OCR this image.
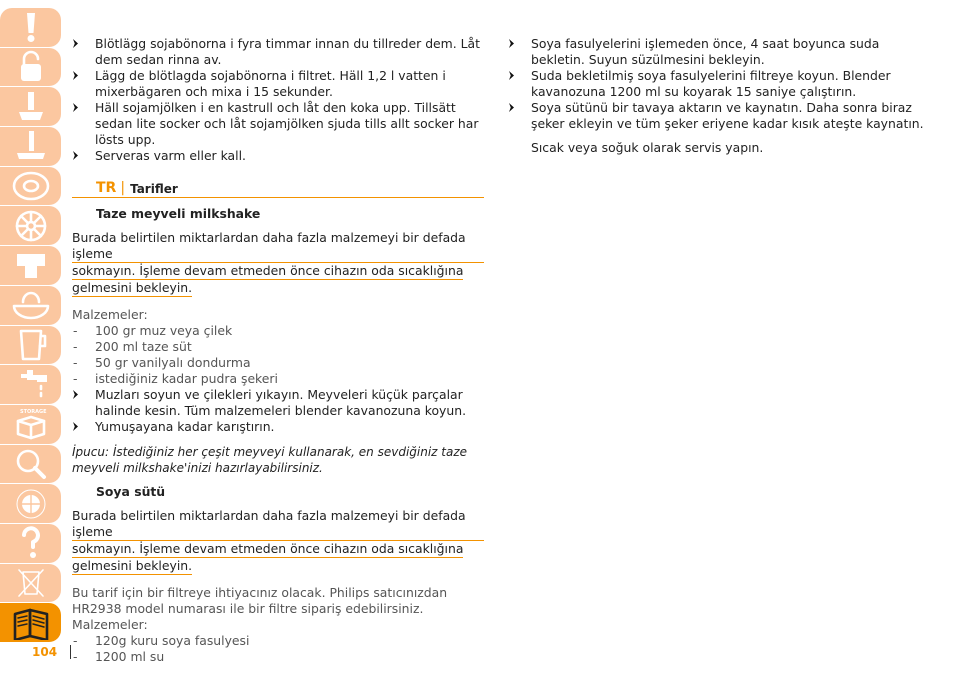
STORAGE
104
Blötlägg sojabönorna i fyra timmar innan du tillreder dem. Låt dem sedan rinna av.
Lägg de blötlagda sojabönorna i filtret. Häll 1,2 l vatten i mixerbägaren och mixa i 15 sekunder.
Häll sojamjölken i en kastrull och låt den koka upp. Tillsätt sedan lite socker och låt sojamjölken sjuda tills allt socker har lösts upp.
Serveras varm eller kall.
TR | Tarifler
Taze meyveli milkshake
Burada belirtilen miktarlardan daha fazla malzemeyi bir defada işleme
sokmayın. İşleme devam etmeden önce cihazın oda sıcaklığına
gelmesini bekleyin.
Malzemeler:
- 100 gr muz veya çilek
- 200 ml taze süt
- 50 gr vanilyalı dondurma
- istediğiniz kadar pudra şekeri
Muzları soyun ve çilekleri yıkayın. Meyveleri küçük parçalar halinde kesin. Tüm malzemeleri blender kavanozuna koyun.
Yumuşayana kadar karıştırın.
İpucu: İstediğiniz her çeşit meyveyi kullanarak, en sevdiğiniz taze meyveli milkshake'inizi hazırlayabilirsiniz.
Soya sütü
Burada belirtilen miktarlardan daha fazla malzemeyi bir defada işleme
sokmayın. İşleme devam etmeden önce cihazın oda sıcaklığına
gelmesini bekleyin.
Bu tarif için bir filtreye ihtiyacınız olacak. Philips satıcınızdan HR2938 model numarası ile bir filtre sipariş edebilirsiniz.
Malzemeler:
- 120g kuru soya fasulyesi
- 1200 ml su
Soya fasulyelerini işlemeden önce, 4 saat boyunca suda bekletin. Suyun süzülmesini bekleyin.
Suda bekletilmiş soya fasulyelerini filtreye koyun. Blender kavanozuna 1200 ml su koyarak 15 saniye çalıştırın.
Soya sütünü bir tavaya aktarın ve kaynatın. Daha sonra biraz şeker ekleyin ve tüm şeker eriyene kadar kısık ateşte kaynatın.
Sıcak veya soğuk olarak servis yapın.
